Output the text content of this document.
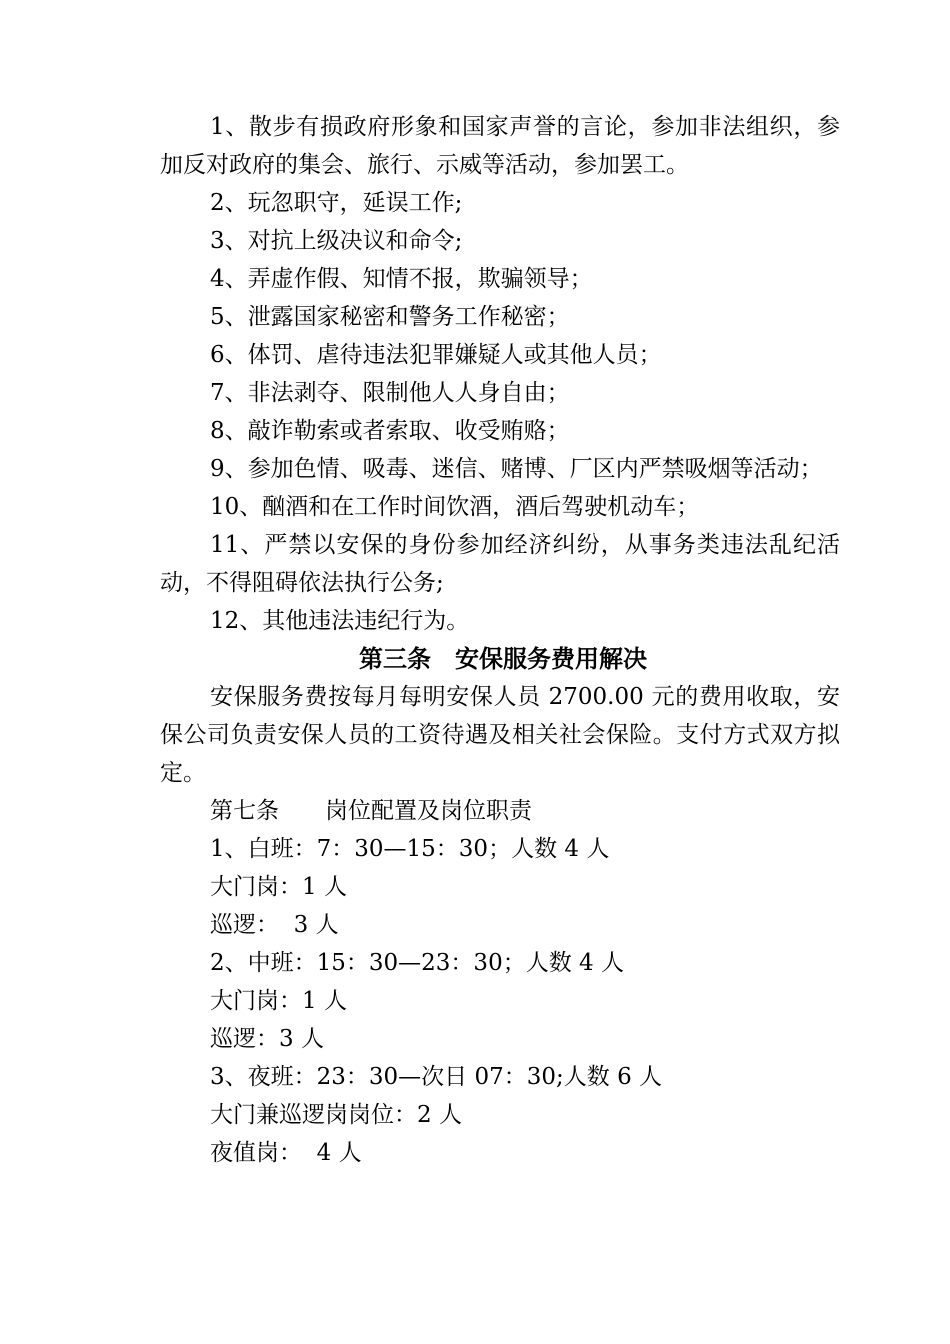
1、散步有损政府形象和国家声誉的言论，参加非法组织，参加反对政府的集会、旅行、示威等活动，参加罢工。

2、玩忽职守，延误工作;

3、对抗上级决议和命令;

4、弄虚作假、知情不报，欺骗领导；

5、泄露国家秘密和警务工作秘密；

6、体罚、虐待违法犯罪嫌疑人或其他人员；

7、非法剥夺、限制他人人身自由；

8、敲诈勒索或者索取、收受贿赂；

9、参加色情、吸毒、迷信、赌博、厂区内严禁吸烟等活动；

10、酗酒和在工作时间饮酒，酒后驾驶机动车；

11、严禁以安保的身份参加经济纠纷，从事务类违法乱纪活动，不得阻碍依法执行公务;

12、其他违法违纪行为。

第三条　安保服务费用解决

安保服务费按每月每明安保人员 2700.00 元的费用收取，安保公司负责安保人员的工资待遇及相关社会保险。支付方式双方拟定。

第七条　　岗位配置及岗位职责

1、白班：7：30—15：30；人数 4 人

大门岗：1 人

巡逻：  3 人

2、中班：15：30—23：30；人数 4 人

大门岗：1 人

巡逻：3 人

3、夜班：23：30—次日 07：30;人数 6 人

大门兼巡逻岗岗位：2 人

夜值岗：  4 人
